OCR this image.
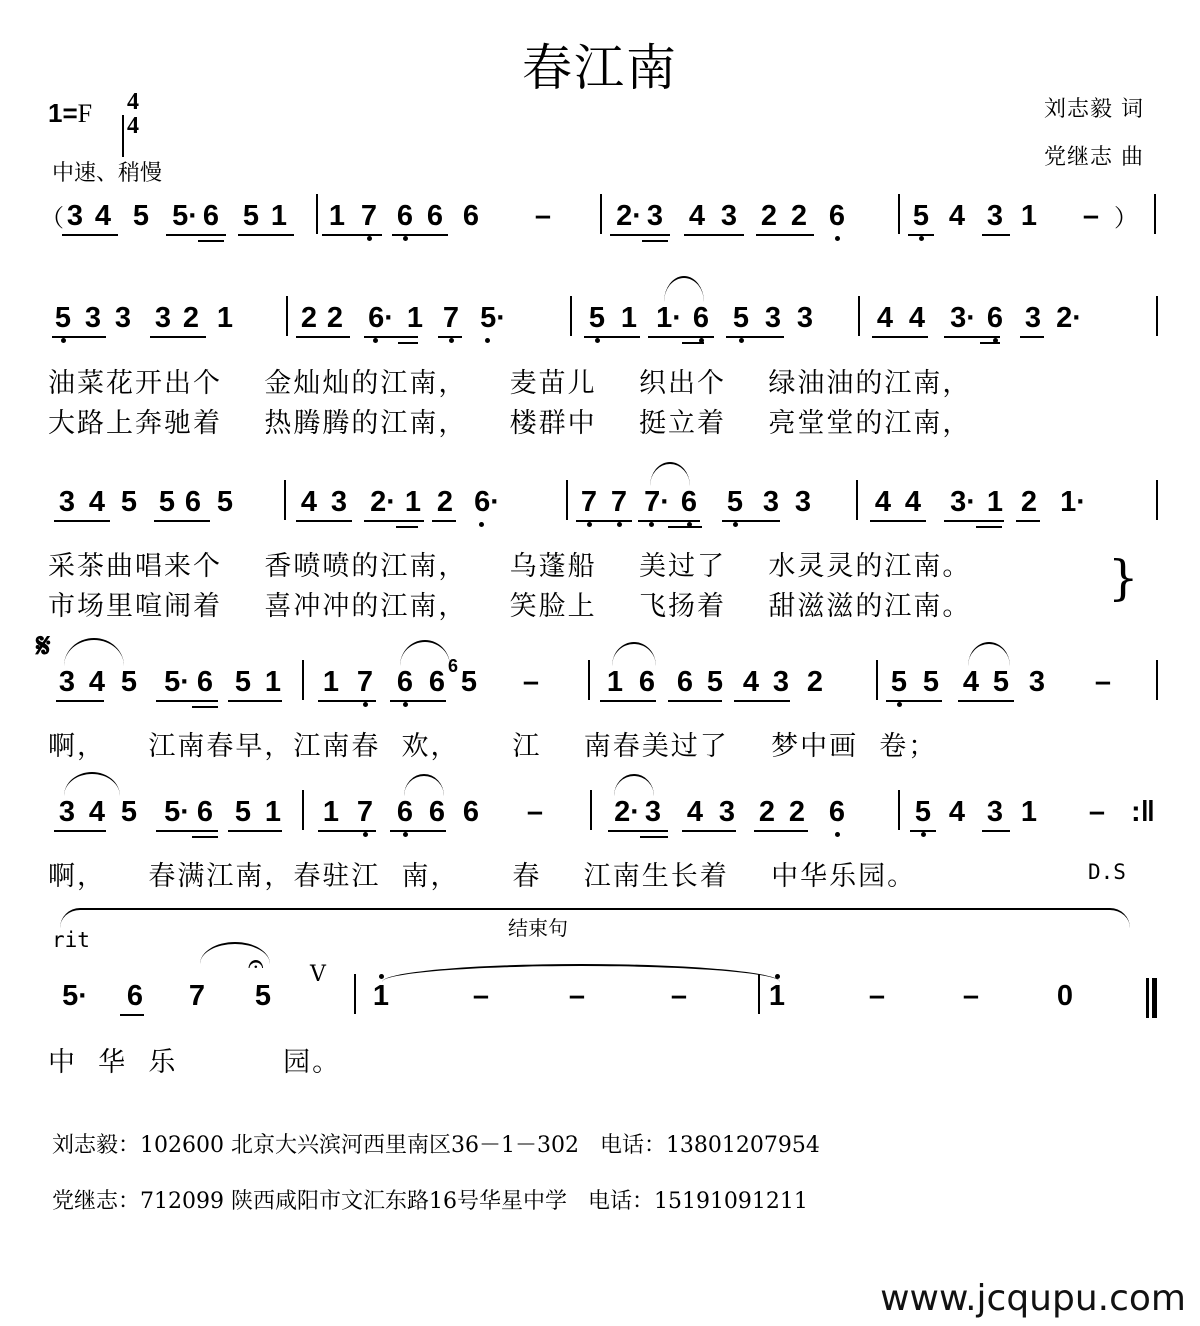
春江南
1=F 4
4
中速、稍慢
刘志毅 词
党继志 曲
3 4 5 5· 6 5 1 1 7 6 6 6 – 2· 3 4 3 2 2 6 5 4 3 1 –
（	）
5 3 3 3 2 1 2 2 6· 1 7 5·	5 1 1· 6 5 3 3 4 4 3· 6 3 2·
3 4 5 5 6 5 4 3 2· 1 2 6·	7 7 7· 6 5 3 3 4 4 3· 1 2 1·
3 4 5 5· 6 5 1 1 7 6 6 5 – 1 6 6 5 4 3 2 5 5 4 5 3 –
6
3 4 5 5· 6 5 1 1 7 6 6 6 – 2· 3 4 3 2 2 6 5 4 3 1 – :‖
5· 6 7 5	1	–	–	–	1	–	–	0
油菜花开出个    金灿灿的江南，    麦苗儿    织出个    绿油油的江南，
大路上奔驰着    热腾腾的江南，    楼群中    挺立着    亮堂堂的江南，
采茶曲唱来个    香喷喷的江南，    乌蓬船    美过了    水灵灵的江南。
市场里喧闹着    喜冲冲的江南，    笑脸上    飞扬着    甜滋滋的江南。
啊，    江南春早，江南春  欢，     江    南春美过了    梦中画  卷；
啊，    春满江南，春驻江  南，     春    江南生长着    中华乐园。
中  华  乐          园。
D.S
结束句
rit
𝄐 V
}
𝄋
刘志毅：102600 北京大兴滨河西里南区36－1－302   电话：13801207954
党继志：712099 陕西咸阳市文汇东路16号华星中学   电话：15191091211
www.jcqupu.com
